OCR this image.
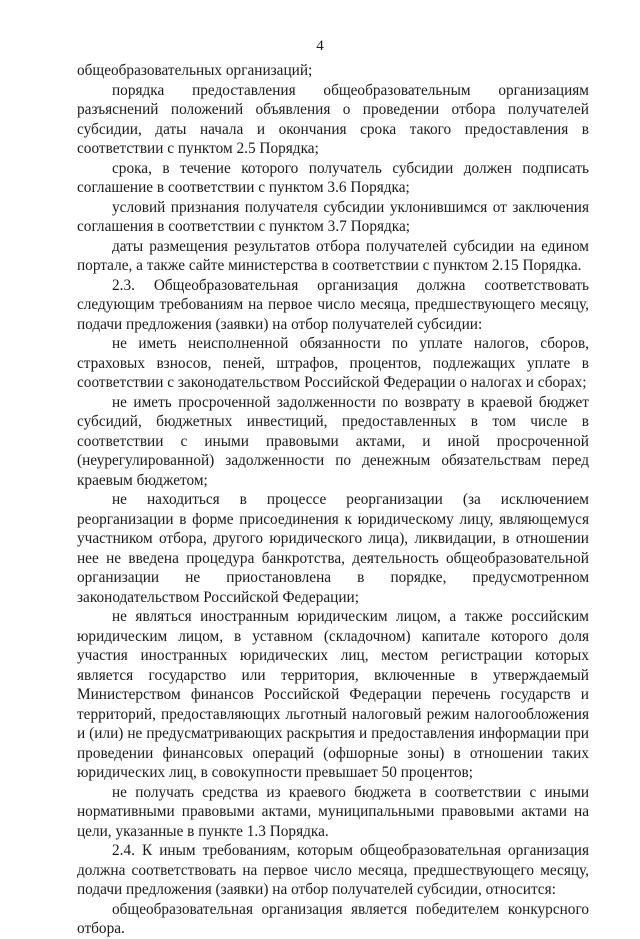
4

общеобразовательных организаций;

порядка предоставления общеобразовательным организациям разъяснений положений объявления о проведении отбора получателей субсидии, даты начала и окончания срока такого предоставления в соответствии с пунктом 2.5 Порядка;

срока, в течение которого получатель субсидии должен подписать соглашение в соответствии с пунктом 3.6 Порядка;

условий признания получателя субсидии уклонившимся от заключения соглашения в соответствии с пунктом 3.7 Порядка;

даты размещения результатов отбора получателей субсидии на едином портале, а также сайте министерства в соответствии с пунктом 2.15 Порядка.

2.3. Общеобразовательная организация должна соответствовать следующим требованиям на первое число месяца, предшествующего месяцу, подачи предложения (заявки) на отбор получателей субсидии:

не иметь неисполненной обязанности по уплате налогов, сборов, страховых взносов, пеней, штрафов, процентов, подлежащих уплате в соответствии с законодательством Российской Федерации о налогах и сборах;

не иметь просроченной задолженности по возврату в краевой бюджет субсидий, бюджетных инвестиций, предоставленных в том числе в соответствии с иными правовыми актами, и иной просроченной (неурегулированной) задолженности по денежным обязательствам перед краевым бюджетом;

не находиться в процессе реорганизации (за исключением реорганизации в форме присоединения к юридическому лицу, являющемуся участником отбора, другого юридического лица), ликвидации, в отношении нее не введена процедура банкротства, деятельность общеобразовательной организации не приостановлена в порядке, предусмотренном законодательством Российской Федерации;

не являться иностранным юридическим лицом, а также российским юридическим лицом, в уставном (складочном) капитале которого доля участия иностранных юридических лиц, местом регистрации которых является государство или территория, включенные в утверждаемый Министерством финансов Российской Федерации перечень государств и территорий, предоставляющих льготный налоговый режим налогообложения и (или) не предусматривающих раскрытия и предоставления информации при проведении финансовых операций (офшорные зоны) в отношении таких юридических лиц, в совокупности превышает 50 процентов;

не получать средства из краевого бюджета в соответствии с иными нормативными правовыми актами, муниципальными правовыми актами на цели, указанные в пункте 1.3 Порядка.

2.4. К иным требованиям, которым общеобразовательная организация должна соответствовать на первое число месяца, предшествующего месяцу, подачи предложения (заявки) на отбор получателей субсидии, относится:

общеобразовательная организация является победителем конкурсного отбора.
